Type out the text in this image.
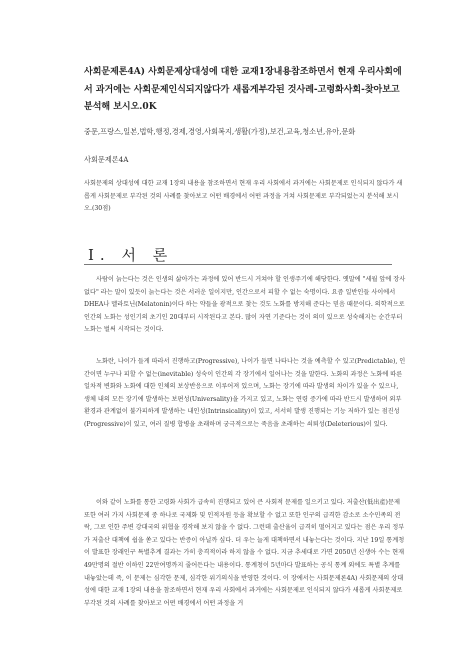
사회문제론4A) 사회문제상대성에 대한 교재1장내용참조하면서 현재 우리사회에서 과거에는 사회문제인식되지않다가 새롭게부각된 것사례-고령화사회-찾아보고 분석해 보시오.0K

중문,프랑스,일본,법학,행정,경제,경영,사회복지,생활(가정),보건,교육,청소년,유아,문화

사회문제론4A

사회문제의 상대성에 대한 교재 1장의 내용을 참조하면서 현재 우리 사회에서 과거에는 사회문제로 인식되지 않다가 새롭게 사회문제로 부각된 것의 사례를 찾아보고 어떤 배경에서 어떤 과정을 거쳐 사회문제로 부각되었는지 분석해 보시오.(30점)

Ⅰ. 서 론

사람이 늙는다는 것은 인생의 삶아가는 과정에 있어 반드시 거쳐야 할 인생주기에 해당한다. 옛말에 "세월 앞에 장사 없다" 라는 말이 있듯이 늙는다는 것은 서러운 일이지만, 인간으로서 피할 수 없는 숙명이다. 요즘 일반인들 사이에서 DHEA나 멜라토닌(Melatonin)이다 하는 약들을 광적으로 찾는 것도 노화를 방지해 준다는 믿음 때문이다. 의학적으로 인간의 노화는 성인기의 초기인 20대부터 시작된다고 본다. 많이 자연 기준다는 것이 의미 있으로 성숙해지는 순간부터 노화는 벌써 시작되는 것이다.

노화란, 나이가 들게 따라서 진행하고(Progressive), 나이가 들면 나타나는 것을 예측할 수 있고(Predictable), 인간이면 누구나 피할 수 없는(inevitable) 성숙이 인간의 각 장기에서 일어나는 것을 말한다. 노화의 과정은 노화에 따른 일차적 변화와 노화에 대한 인체의 보상반응으로 이루어져 있으며, 노화는 장기에 따라 발생의 차이가 있을 수 있으나, 생체 내의 모든 장기에 발생하는 보편성(Universality)을 가지고 있고, 노화는 연령 증가에 따라 반드시 발생하며 외부 환경과 관계없이 불가피하게 발생하는 내인성(Intrinsicality)이 있고, 서서히 발생 진행되는 기능 저하가 있는 점진성(Progressive)이 있고, 여러 질병 합병을 초래하며 궁극적으로는 죽음을 초래하는 쇠퇴성(Deleterious)이 있다.

이와 같이 노화를 통한 고령화 사회가 급속히 진행되고 있어 큰 사회적 문제를 일으키고 있다. 저출산(低出產)문제 또한 여러 가지 사회문제 중 하나로 국제화 및 인적자원 등을 확보할 수 없고 또한 인구의 급격한 감소로 소수민족의 전락, 그로 인한 주변 강대국의 위협을 경작해 보지 않을 수 없다. 그런데 출산율이 급격히 떨어지고 있다는 점은 우리 정부가 저출산 대책에 쉽을 쏟고 있다는 반증이 아닐까 싶다. 더 우는 늘게 대책하면서 내놓는다는 것이다. 지난 19일 통계청이 발표한 장래인구 특별추계 결과는 가히 충격적이라 하지 않을 수 없다. 지금 추세대로 가면 2050년 신생아 수는 현재 49만명의 절반 이하인 22만여명까지 줄어든다는 내용이다. 통계청이 5년마다 발표하는 공식 통계 외에도 특별 추계를 내놓았는데 즉, 이 문제는 심각한 문제, 심각한 위기의식을 반영한 것이다. 이 장에서는 사회문제론4A) 사회문제의 상대성에 대한 교재 1장의 내용을 참조하면서 현재 우리 사회에서 과거에는 사회문제로 인식되지 않다가 새롭게 사회문제로 부각된 것의 사례를 찾아보고 어떤 배경에서 어떤 과정을 거
